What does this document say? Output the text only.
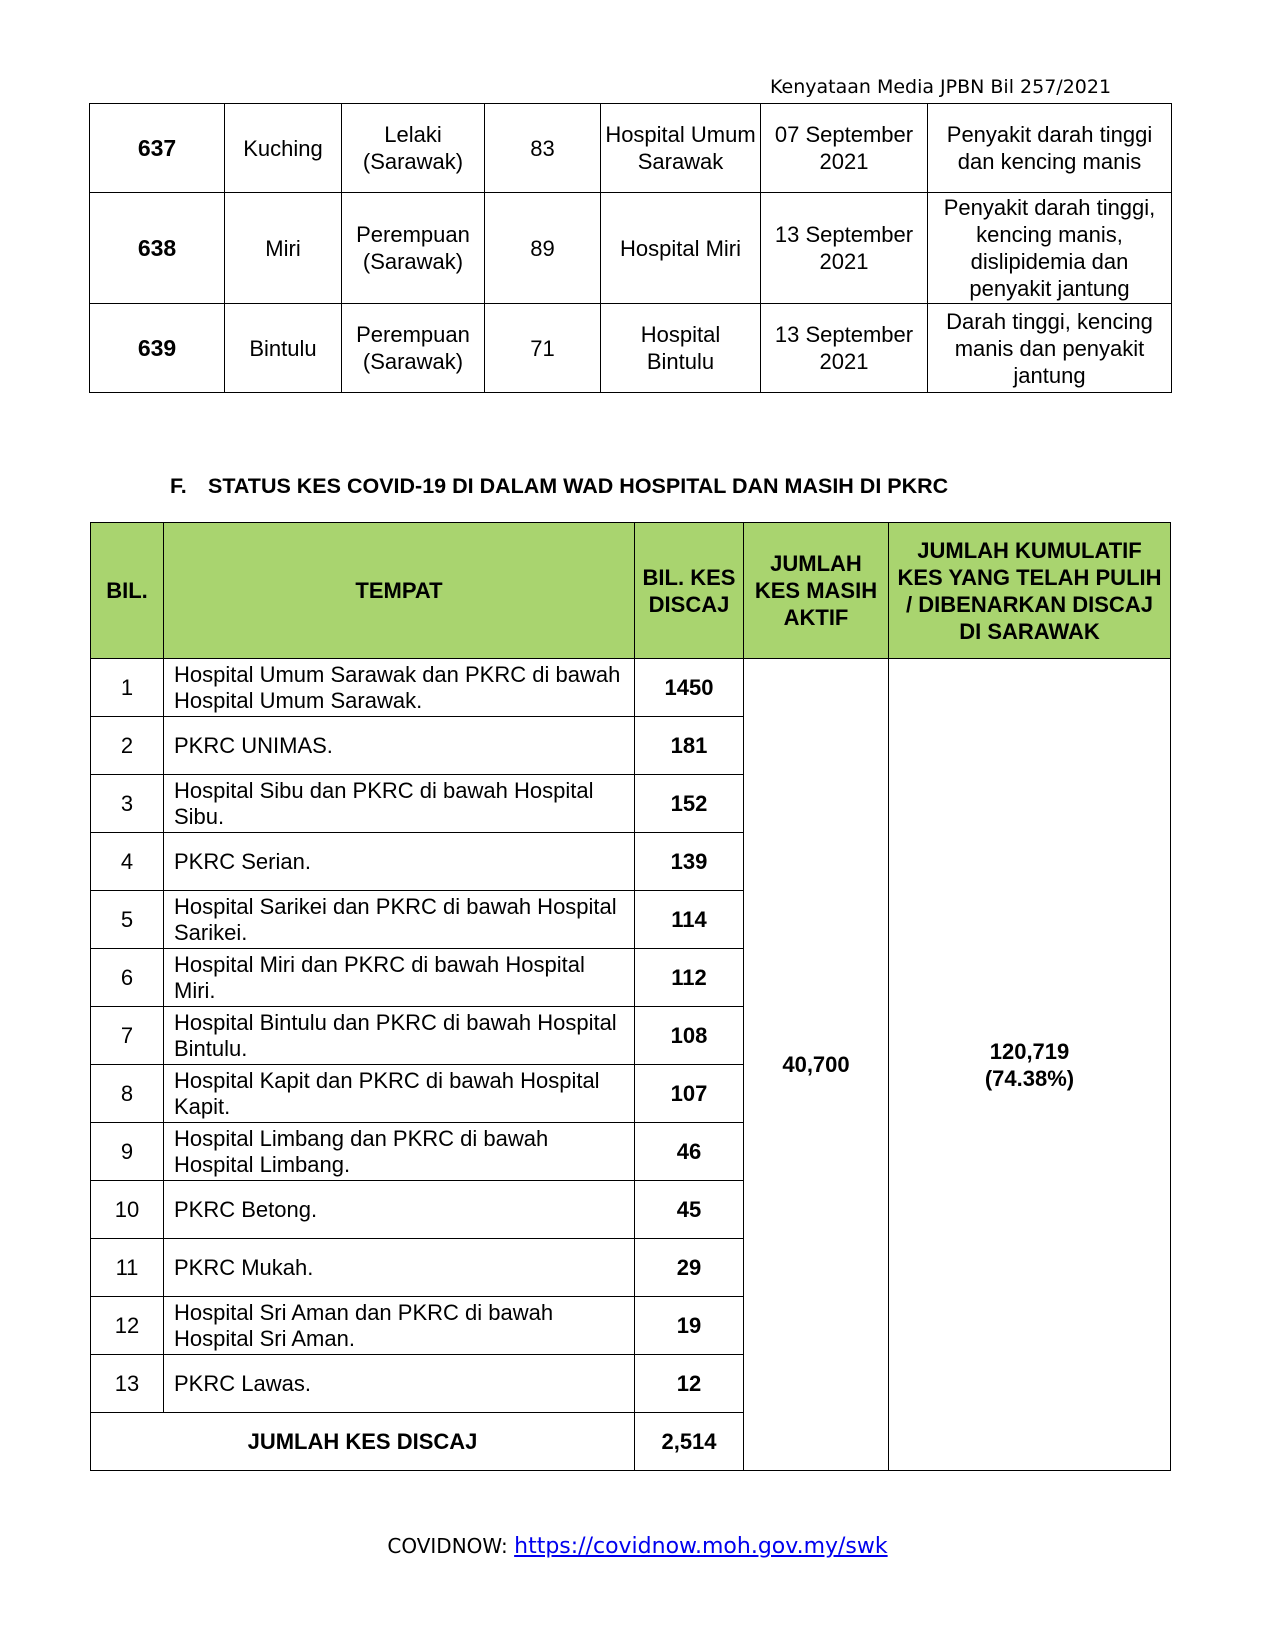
Kenyataan Media JPBN Bil 257/2021
637	Kuching	Lelaki (Sarawak)	83	Hospital Umum Sarawak	07 September 2021	Penyakit darah tinggi dan kencing manis
638	Miri	Perempuan (Sarawak)	89	Hospital Miri	13 September 2021	Penyakit darah tinggi, kencing manis, dislipidemia dan penyakit jantung
639	Bintulu	Perempuan (Sarawak)	71	Hospital Bintulu	13 September 2021	Darah tinggi, kencing manis dan penyakit jantung
F. STATUS KES COVID-19 DI DALAM WAD HOSPITAL DAN MASIH DI PKRC
BIL.	TEMPAT	BIL. KES DISCAJ	JUMLAH KES MASIH AKTIF	JUMLAH KUMULATIF KES YANG TELAH PULIH / DIBENARKAN DISCAJ DI SARAWAK
1	Hospital Umum Sarawak dan PKRC di bawah Hospital Umum Sarawak.	1450	40,700	120,719
(74.38%)

2	PKRC UNIMAS.	181		
3	Hospital Sibu dan PKRC di bawah Hospital Sibu.	152		
4	PKRC Serian.	139		
5	Hospital Sarikei dan PKRC di bawah Hospital Sarikei.	114		
6	Hospital Miri dan PKRC di bawah Hospital Miri.	112		
7	Hospital Bintulu dan PKRC di bawah Hospital Bintulu.	108		
8	Hospital Kapit dan PKRC di bawah Hospital Kapit.	107		
9	Hospital Limbang dan PKRC di bawah Hospital Limbang.	46		
10	PKRC Betong.	45		
11	PKRC Mukah.	29		
12	Hospital Sri Aman dan PKRC di bawah Hospital Sri Aman.	19		
13	PKRC Lawas.	12		
JUMLAH KES DISCAJ		2,514		
COVIDNOW: https://covidnow.moh.gov.my/swk
